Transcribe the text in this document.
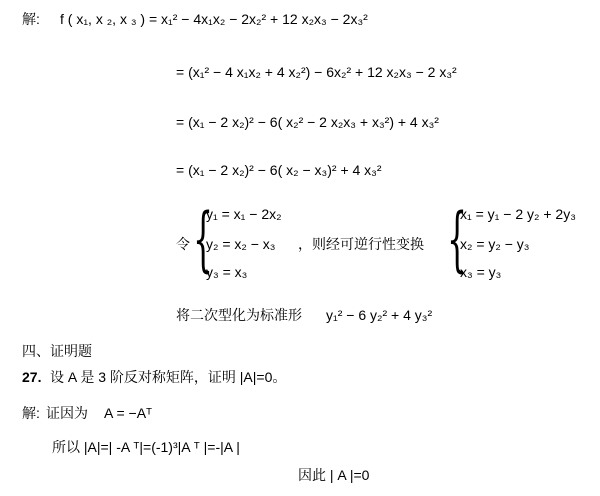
解: f ( x₁, x ₂, x ₃ ) = x₁² − 4x₁x₂ − 2x₂² + 12 x₂x₃ − 2x₃²
= (x₁² − 4 x₁x₂ + 4 x₂²) − 6x₂² + 12 x₂x₃ − 2 x₃²
= (x₁ − 2 x₂)² − 6( x₂² − 2 x₂x₃ + x₃²) + 4 x₃²
= (x₁ − 2 x₂)² − 6( x₂ − x₃)² + 4 x₃²
令 {
y₁ = x₁ − 2x₂
y₂ = x₂ − x₃
y₃ = x₃
，则经可逆行性变换 {
x₁ = y₁ − 2 y₂ + 2y₃
x₂ = y₂ − y₃
x₃ = y₃
将二次型化为标准形 y₁² − 6 y₂² + 4 y₃²
四、证明题
27. 设 A 是 3 阶反对称矩阵，证明 |A|=0。
解: 证因为 A = −Aᵀ
所以 |A|=| -A ᵀ|=(-1)³|A ᵀ |=-|A |
因此 | A |=0
